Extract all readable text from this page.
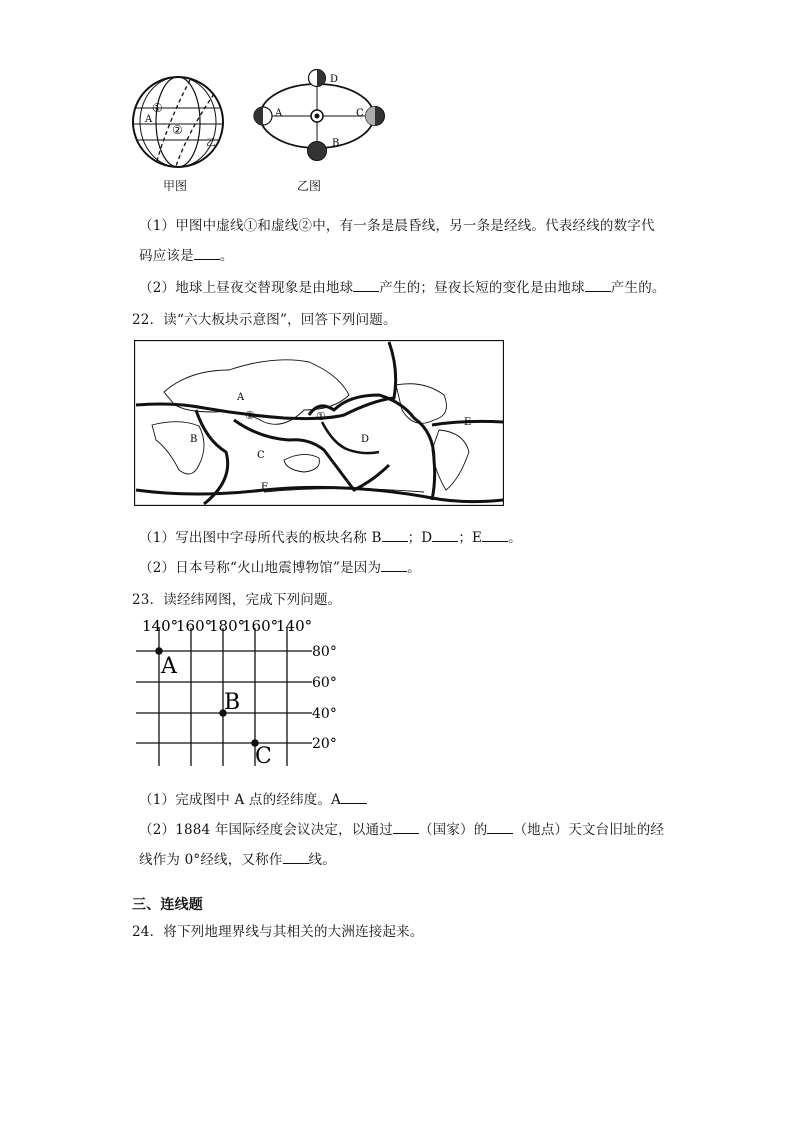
①
②
A
乙
甲图
D
A	C
B
乙图
（1）甲图中虚线①和虚线②中，有一条是晨昏线，另一条是经线。代表经线的数字代
码应该是 。
（2）地球上昼夜交替现象是由地球 产生的；昼夜长短的变化是由地球 产生的。
22．读“六大板块示意图”，回答下列问题。
A
B
C
D
E
F
①
②
（1）写出图中字母所代表的板块名称 B ；D ；E 。
（2）日本号称“火山地震博物馆”是因为 。
23．读经纬网图，完成下列问题。
140°
160°
180°
160°
140°
80°
60°
40°
20°
A
B
C
（1）完成图中 A 点的经纬度。A
（2）1884 年国际经度会议决定，以通过 （国家）的 （地点）天文台旧址的经
线作为 0°经线，又称作 线。
三、连线题
24．将下列地理界线与其相关的大洲连接起来。
